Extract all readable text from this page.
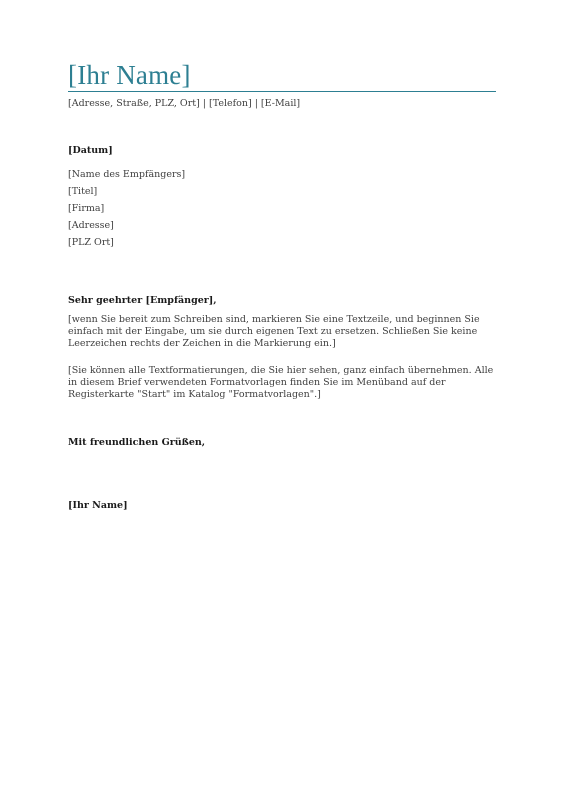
[Ihr Name]
[Adresse, Straße, PLZ, Ort] | [Telefon] | [E-Mail]
[Datum]
[Name des Empfängers]
[Titel]
[Firma]
[Adresse]
[PLZ Ort]
Sehr geehrter [Empfänger],
[wenn Sie bereit zum Schreiben sind, markieren Sie eine Textzeile, und beginnen Sie einfach mit der Eingabe, um sie durch eigenen Text zu ersetzen. Schließen Sie keine Leerzeichen rechts der Zeichen in die Markierung ein.]
[Sie können alle Textformatierungen, die Sie hier sehen, ganz einfach übernehmen. Alle in diesem Brief verwendeten Formatvorlagen finden Sie im Menüband auf der Registerkarte "Start" im Katalog "Formatvorlagen".]
Mit freundlichen Grüßen,
[Ihr Name]
